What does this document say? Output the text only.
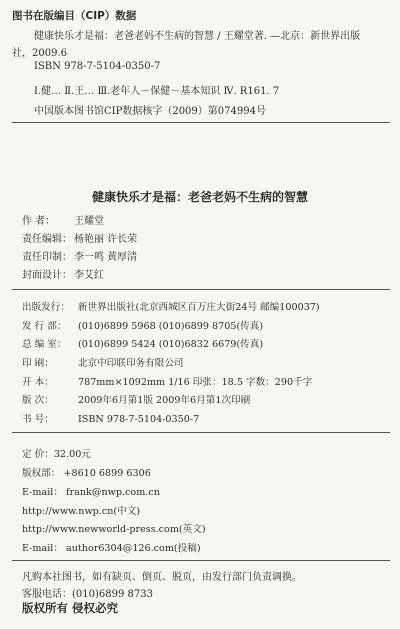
图书在版编目（CIP）数据
健康快乐才是福：老爸老妈不生病的智慧 / 王耀堂著. —北京：新世界出版
社，2009.6
ISBN 978-7-5104-0350-7
Ⅰ.健… Ⅱ.王… Ⅲ.老年人－保健－基本知识 Ⅳ. R161. 7
中国版本图书馆CIP数据核字（2009）第074994号
健康快乐才是福：老爸老妈不生病的智慧
作 者： 王耀堂
责任编辑： 杨艳丽 许长荣
责任印制： 李一鸣 黄厚清
封面设计： 李艾红
出版发行： 新世界出版社(北京西城区百万庄大街24号 邮编100037)
发 行 部： (010)6899 5968 (010)6899 8705(传真)
总 编 室： (010)6899 5424 (010)6832 6679(传真)
印 刷：	北京中印联印务有限公司
开 本：	787mm×1092mm 1/16 印张：18.5 字数：290千字
版 次：	2009年6月第1版 2009年6月第1次印刷
书 号：	ISBN 978-7-5104-0350-7
定 价：32.00元
版权部： +8610 6899 6306
E-mail： frank@nwp.com.cn
http://www.nwp.cn(中文)
http://www.newworld-press.com(英文)
E-mail： author6304@126.com(投稿)
凡购本社图书，如有缺页、倒页、脱页，由发行部门负责调换。
客服电话：(010)6899 8733
版权所有 侵权必究
